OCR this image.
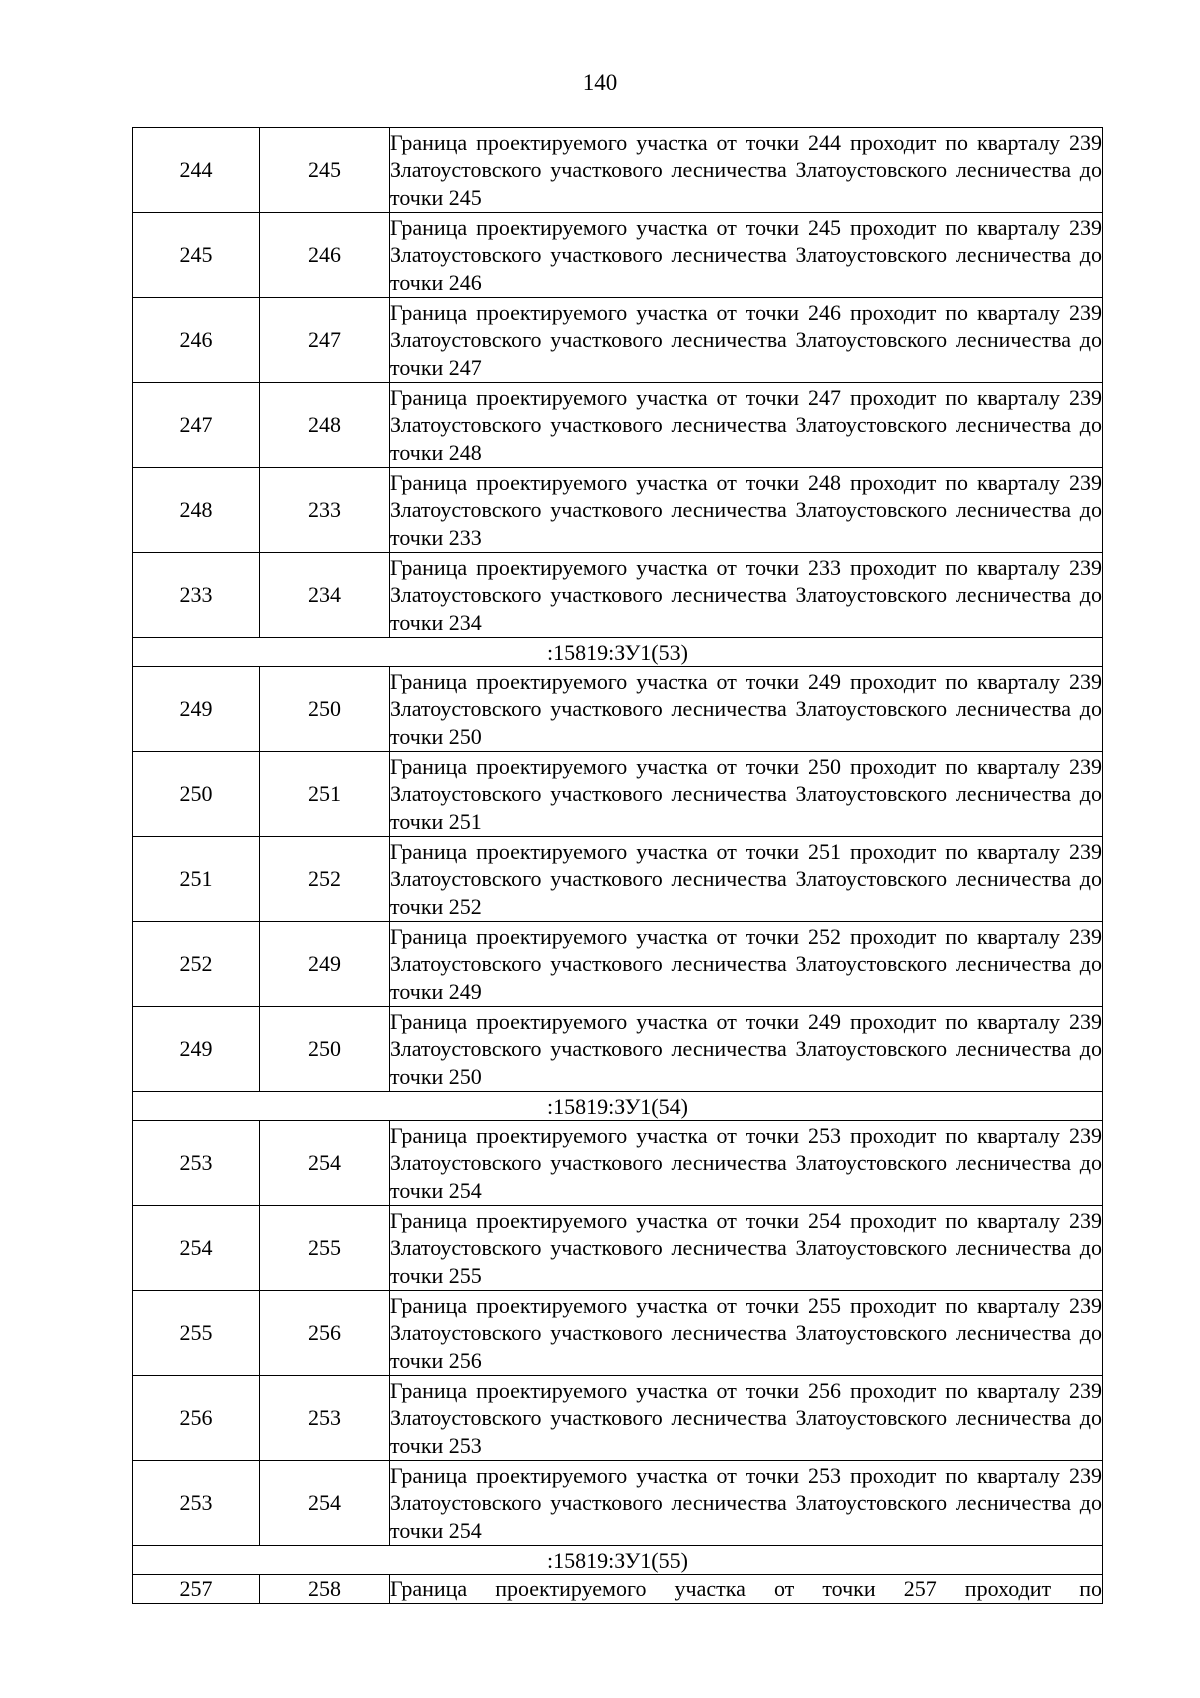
140
244	245	Граница проектируемого участка от точки 244 проходит по кварталу 239 Златоустовского участкового лесничества Златоустовского лесничества до точки 245
245	246	Граница проектируемого участка от точки 245 проходит по кварталу 239 Златоустовского участкового лесничества Златоустовского лесничества до точки 246
246	247	Граница проектируемого участка от точки 246 проходит по кварталу 239 Златоустовского участкового лесничества Златоустовского лесничества до точки 247
247	248	Граница проектируемого участка от точки 247 проходит по кварталу 239 Златоустовского участкового лесничества Златоустовского лесничества до точки 248
248	233	Граница проектируемого участка от точки 248 проходит по кварталу 239 Златоустовского участкового лесничества Златоустовского лесничества до точки 233
233	234	Граница проектируемого участка от точки 233 проходит по кварталу 239 Златоустовского участкового лесничества Златоустовского лесничества до точки 234
:15819:ЗУ1(53)		
249	250	Граница проектируемого участка от точки 249 проходит по кварталу 239 Златоустовского участкового лесничества Златоустовского лесничества до точки 250
250	251	Граница проектируемого участка от точки 250 проходит по кварталу 239 Златоустовского участкового лесничества Златоустовского лесничества до точки 251
251	252	Граница проектируемого участка от точки 251 проходит по кварталу 239 Златоустовского участкового лесничества Златоустовского лесничества до точки 252
252	249	Граница проектируемого участка от точки 252 проходит по кварталу 239 Златоустовского участкового лесничества Златоустовского лесничества до точки 249
249	250	Граница проектируемого участка от точки 249 проходит по кварталу 239 Златоустовского участкового лесничества Златоустовского лесничества до точки 250
:15819:ЗУ1(54)		
253	254	Граница проектируемого участка от точки 253 проходит по кварталу 239 Златоустовского участкового лесничества Златоустовского лесничества до точки 254
254	255	Граница проектируемого участка от точки 254 проходит по кварталу 239 Златоустовского участкового лесничества Златоустовского лесничества до точки 255
255	256	Граница проектируемого участка от точки 255 проходит по кварталу 239 Златоустовского участкового лесничества Златоустовского лесничества до точки 256
256	253	Граница проектируемого участка от точки 256 проходит по кварталу 239 Златоустовского участкового лесничества Златоустовского лесничества до точки 253
253	254	Граница проектируемого участка от точки 253 проходит по кварталу 239 Златоустовского участкового лесничества Златоустовского лесничества до точки 254
:15819:ЗУ1(55)		
257	258	Граница проектируемого участка от точки 257 проходит по
